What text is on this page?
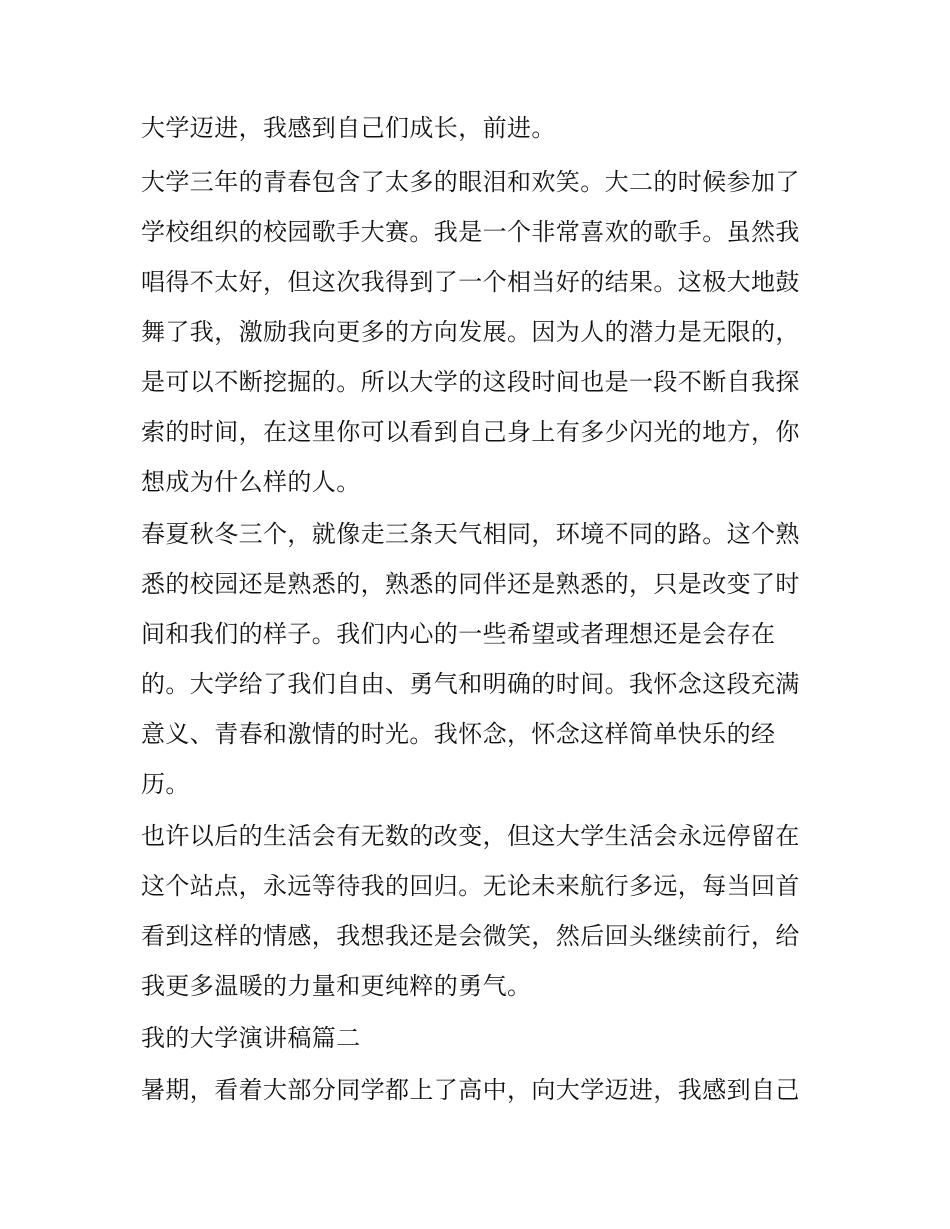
大学迈进，我感到自己们成长，前进。
大学三年的青春包含了太多的眼泪和欢笑。大二的时候参加了
学校组织的校园歌手大赛。我是一个非常喜欢的歌手。虽然我
唱得不太好，但这次我得到了一个相当好的结果。这极大地鼓
舞了我，激励我向更多的方向发展。因为人的潜力是无限的，
是可以不断挖掘的。所以大学的这段时间也是一段不断自我探
索的时间，在这里你可以看到自己身上有多少闪光的地方，你
想成为什么样的人。
春夏秋冬三个，就像走三条天气相同，环境不同的路。这个熟
悉的校园还是熟悉的，熟悉的同伴还是熟悉的，只是改变了时
间和我们的样子。我们内心的一些希望或者理想还是会存在
的。大学给了我们自由、勇气和明确的时间。我怀念这段充满
意义、青春和激情的时光。我怀念，怀念这样简单快乐的经
历。
也许以后的生活会有无数的改变，但这大学生活会永远停留在
这个站点，永远等待我的回归。无论未来航行多远，每当回首
看到这样的情感，我想我还是会微笑，然后回头继续前行，给
我更多温暖的力量和更纯粹的勇气。
我的大学演讲稿篇二
暑期，看着大部分同学都上了高中，向大学迈进，我感到自己
